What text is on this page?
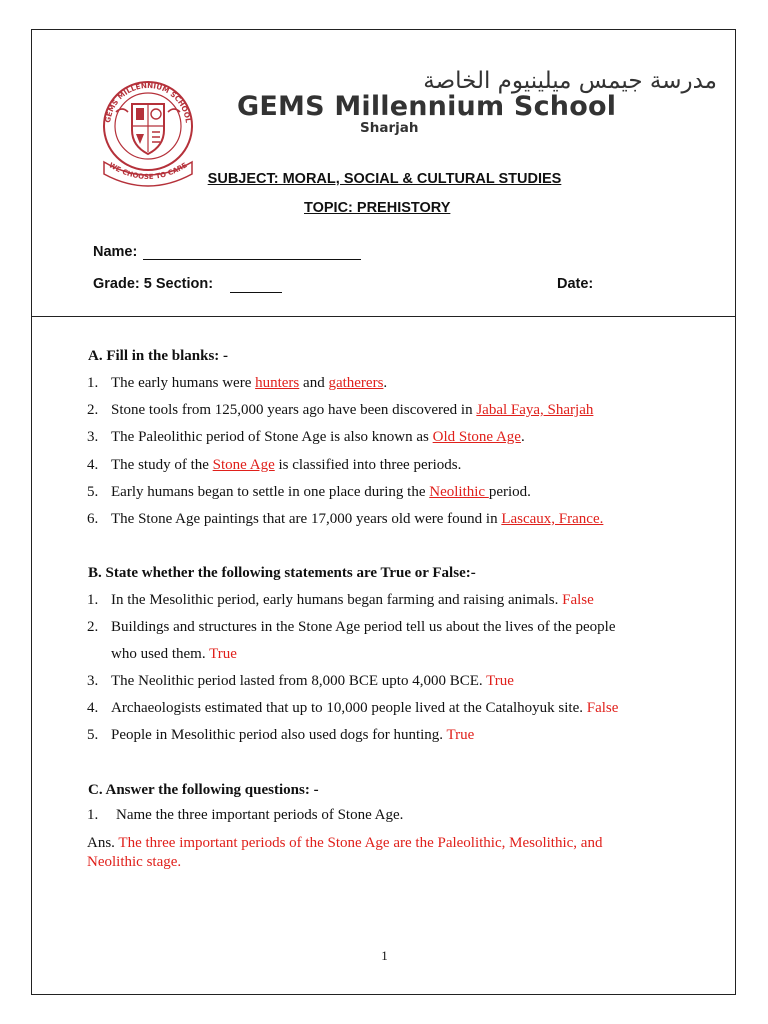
GEMS MILLENNIUM SCHOOL
WE CHOOSE TO CARE
مدرسة جيمس ميلينيوم الخاصة
GEMS Millennium School
Sharjah
SUBJECT: MORAL, SOCIAL & CULTURAL STUDIES
TOPIC: PREHISTORY
Name:
Grade: 5 Section:	Date:
A. Fill in the blanks: -
1. The early humans were hunters and gatherers.
2. Stone tools from 125,000 years ago have been discovered in Jabal Faya, Sharjah
3. The Paleolithic period of Stone Age is also known as Old Stone Age.
4. The study of the Stone Age is classified into three periods.
5. Early humans began to settle in one place during the Neolithic period.
6. The Stone Age paintings that are 17,000 years old were found in Lascaux, France.
B. State whether the following statements are True or False:-
1. In the Mesolithic period, early humans began farming and raising animals. False
2. Buildings and structures in the Stone Age period tell us about the lives of the people
who used them. True
3. The Neolithic period lasted from 8,000 BCE upto 4,000 BCE. True
4. Archaeologists estimated that up to 10,000 people lived at the Catalhoyuk site. False
5. People in Mesolithic period also used dogs for hunting. True
C. Answer the following questions: -
1. Name the three important periods of Stone Age.
Ans. The three important periods of the Stone Age are the Paleolithic, Mesolithic, and
Neolithic stage.
1
